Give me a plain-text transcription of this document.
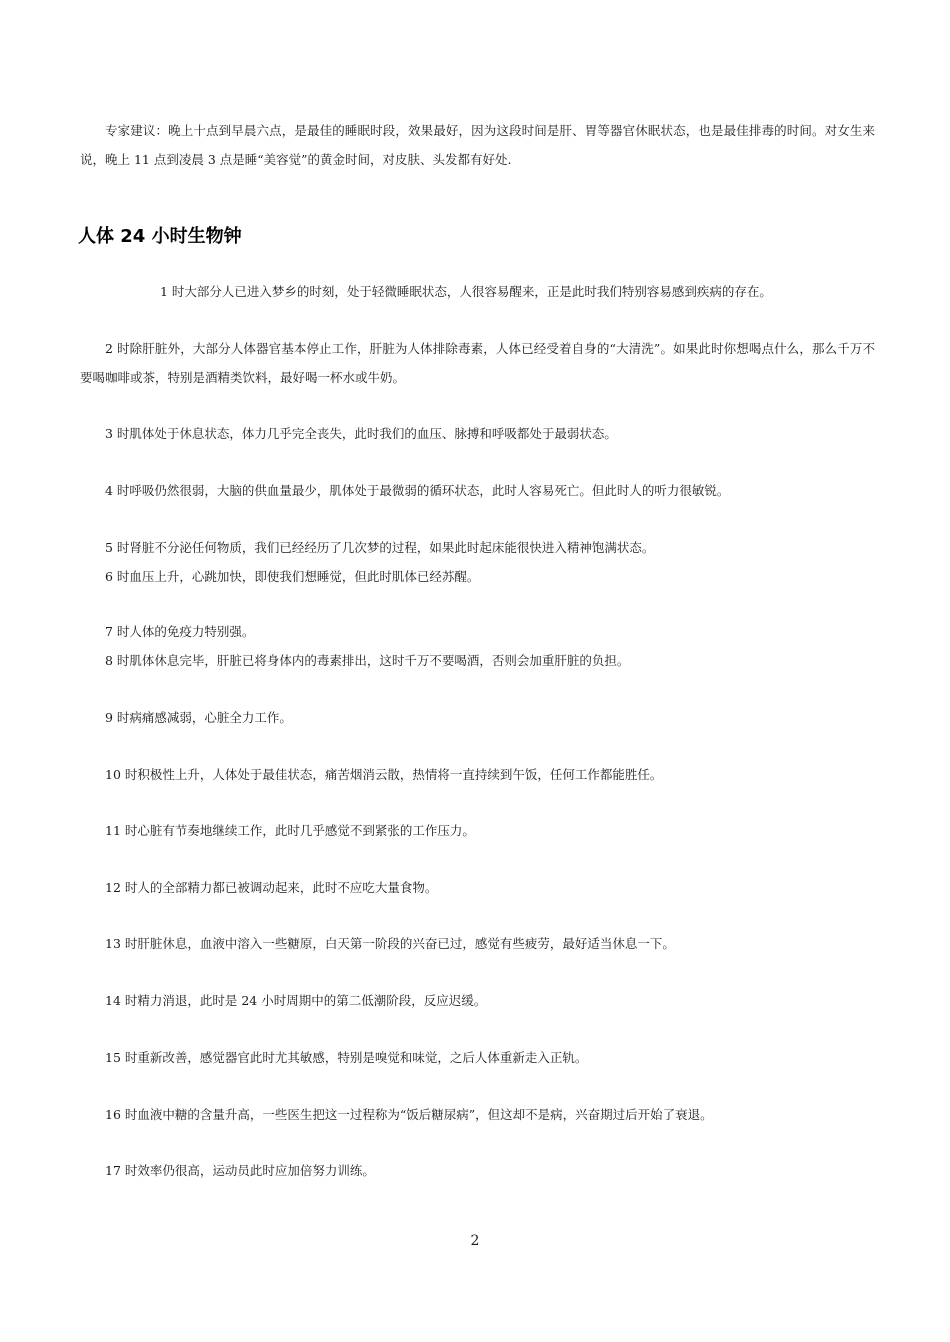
专家建议：晚上十点到早晨六点，是最佳的睡眠时段，效果最好，因为这段时间是肝、胃等器官休眠状态，也是最佳排毒的时间。对女生来说，晚上 11 点到凌晨 3 点是睡“美容觉”的黄金时间，对皮肤、头发都有好处.

人体 24 小时生物钟

1 时大部分人已进入梦乡的时刻，处于轻微睡眠状态，人很容易醒来，正是此时我们特别容易感到疾病的存在。

2 时除肝脏外，大部分人体器官基本停止工作，肝脏为人体排除毒素，人体已经受着自身的“大清洗”。如果此时你想喝点什么，那么千万不要喝咖啡或茶，特别是酒精类饮料，最好喝一杯水或牛奶。

3 时肌体处于休息状态，体力几乎完全丧失，此时我们的血压、脉搏和呼吸都处于最弱状态。

4 时呼吸仍然很弱，大脑的供血量最少，肌体处于最微弱的循环状态，此时人容易死亡。但此时人的听力很敏锐。

5 时肾脏不分泌任何物质，我们已经经历了几次梦的过程，如果此时起床能很快进入精神饱满状态。

6 时血压上升，心跳加快，即使我们想睡觉，但此时肌体已经苏醒。

7 时人体的免疫力特别强。

8 时肌体休息完毕，肝脏已将身体内的毒素排出，这时千万不要喝酒，否则会加重肝脏的负担。

9 时病痛感减弱，心脏全力工作。

10 时积极性上升，人体处于最佳状态，痛苦烟消云散，热情将一直持续到午饭，任何工作都能胜任。

11 时心脏有节奏地继续工作，此时几乎感觉不到紧张的工作压力。

12 时人的全部精力都已被调动起来，此时不应吃大量食物。

13 时肝脏休息，血液中溶入一些糖原，白天第一阶段的兴奋已过，感觉有些疲劳，最好适当休息一下。

14 时精力消退，此时是 24 小时周期中的第二低潮阶段，反应迟缓。

15 时重新改善，感觉器官此时尤其敏感，特别是嗅觉和味觉，之后人体重新走入正轨。

16 时血液中糖的含量升高，一些医生把这一过程称为“饭后糖尿病”，但这却不是病，兴奋期过后开始了衰退。

17 时效率仍很高，运动员此时应加倍努力训练。

2
